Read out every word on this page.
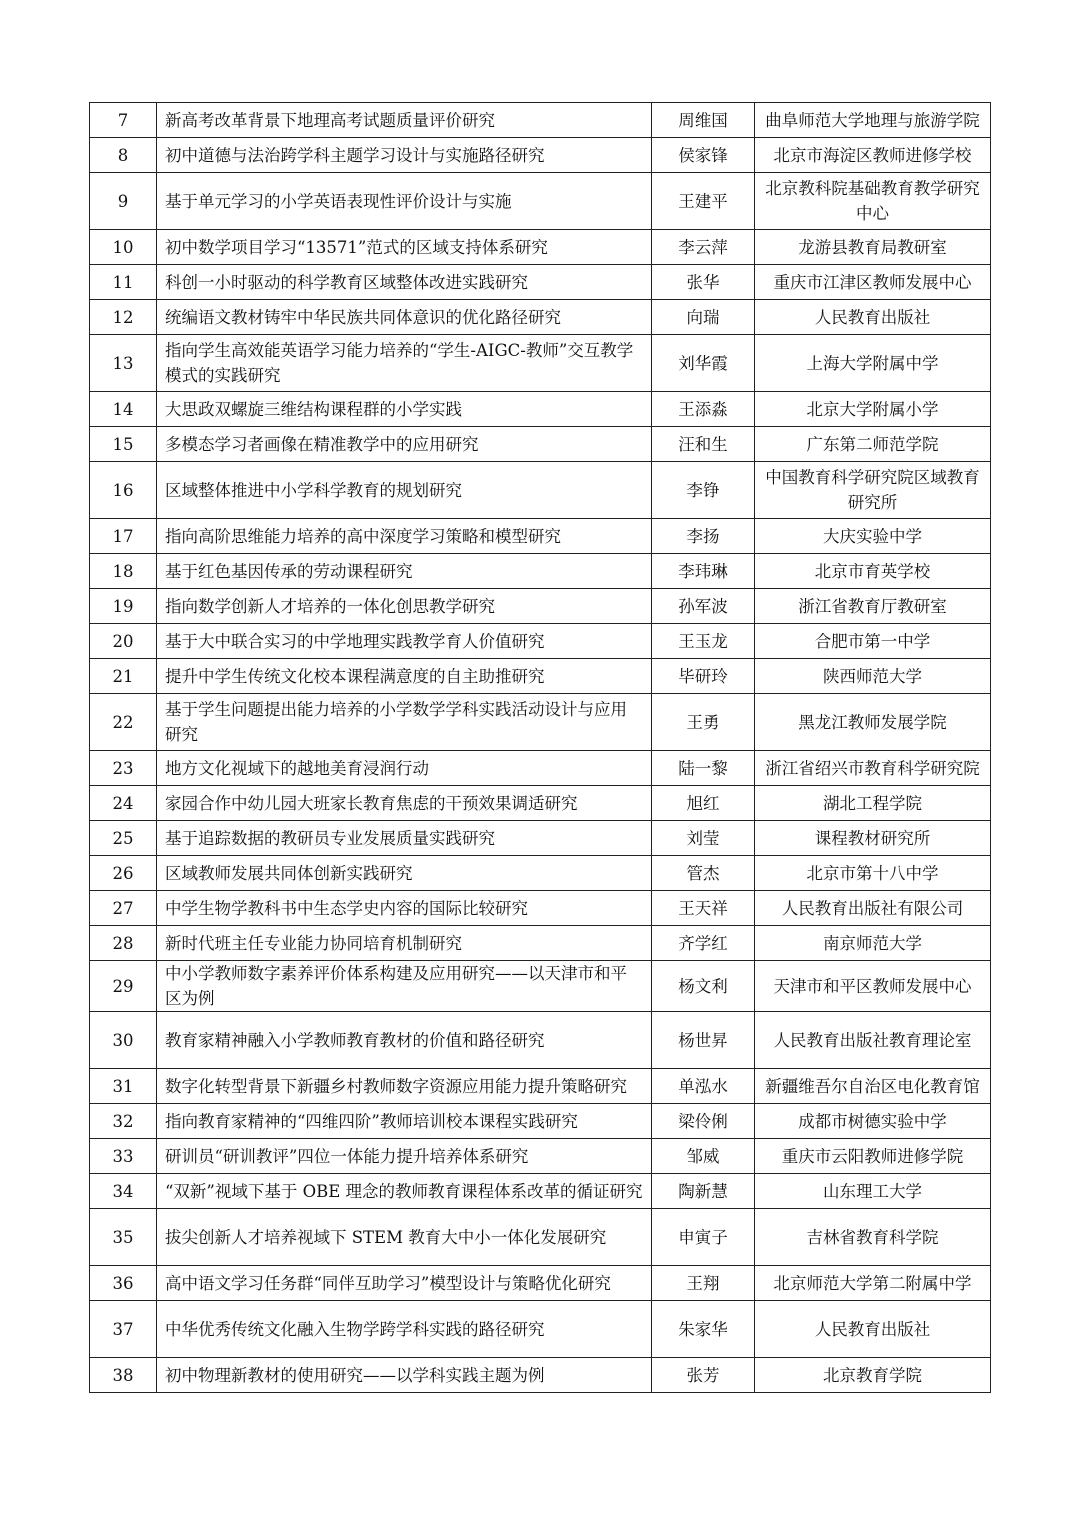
7	新高考改革背景下地理高考试题质量评价研究	周维国	曲阜师范大学地理与旅游学院
8	初中道德与法治跨学科主题学习设计与实施路径研究	侯家锋	北京市海淀区教师进修学校
9	基于单元学习的小学英语表现性评价设计与实施	王建平	北京教科院基础教育教学研究中心
10	初中数学项目学习“13571”范式的区域支持体系研究	李云萍	龙游县教育局教研室
11	科创一小时驱动的科学教育区域整体改进实践研究	张华	重庆市江津区教师发展中心
12	统编语文教材铸牢中华民族共同体意识的优化路径研究	向瑞	人民教育出版社
13	指向学生高效能英语学习能力培养的“学生-AIGC-教师”交互教学模式的实践研究	刘华霞	上海大学附属中学
14	大思政双螺旋三维结构课程群的小学实践	王添淼	北京大学附属小学
15	多模态学习者画像在精准教学中的应用研究	汪和生	广东第二师范学院
16	区域整体推进中小学科学教育的规划研究	李铮	中国教育科学研究院区域教育研究所
17	指向高阶思维能力培养的高中深度学习策略和模型研究	李扬	大庆实验中学
18	基于红色基因传承的劳动课程研究	李玮琳	北京市育英学校
19	指向数学创新人才培养的一体化创思教学研究	孙军波	浙江省教育厅教研室
20	基于大中联合实习的中学地理实践教学育人价值研究	王玉龙	合肥市第一中学
21	提升中学生传统文化校本课程满意度的自主助推研究	毕研玲	陕西师范大学
22	基于学生问题提出能力培养的小学数学学科实践活动设计与应用研究	王勇	黑龙江教师发展学院
23	地方文化视域下的越地美育浸润行动	陆一黎	浙江省绍兴市教育科学研究院
24	家园合作中幼儿园大班家长教育焦虑的干预效果调适研究	旭红	湖北工程学院
25	基于追踪数据的教研员专业发展质量实践研究	刘莹	课程教材研究所
26	区域教师发展共同体创新实践研究	管杰	北京市第十八中学
27	中学生物学教科书中生态学史内容的国际比较研究	王天祥	人民教育出版社有限公司
28	新时代班主任专业能力协同培育机制研究	齐学红	南京师范大学
29	中小学教师数字素养评价体系构建及应用研究——以天津市和平区为例	杨文利	天津市和平区教师发展中心
30	教育家精神融入小学教师教育教材的价值和路径研究	杨世昇	人民教育出版社教育理论室
31	数字化转型背景下新疆乡村教师数字资源应用能力提升策略研究	单泓水	新疆维吾尔自治区电化教育馆
32	指向教育家精神的“四维四阶”教师培训校本课程实践研究	梁伶俐	成都市树德实验中学
33	研训员“研训教评”四位一体能力提升培养体系研究	邹威	重庆市云阳教师进修学院
34	“双新”视域下基于 OBE 理念的教师教育课程体系改革的循证研究	陶新慧	山东理工大学
35	拔尖创新人才培养视域下 STEM 教育大中小一体化发展研究	申寅子	吉林省教育科学院
36	高中语文学习任务群“同伴互助学习”模型设计与策略优化研究	王翔	北京师范大学第二附属中学
37	中华优秀传统文化融入生物学跨学科实践的路径研究	朱家华	人民教育出版社
38	初中物理新教材的使用研究——以学科实践主题为例	张芳	北京教育学院
